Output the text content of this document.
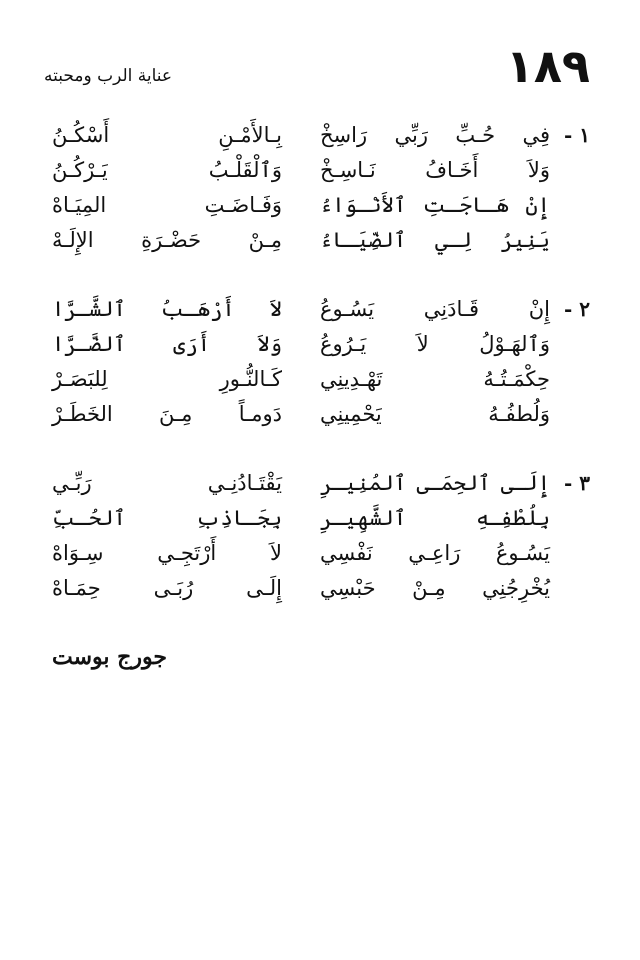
١٨٩
عناية الرب ومحبته
١ -
فِي حُـبِّ رَبِّي رَاسِخْ
بِـالأَمْـنِ أَسْكُـنُ
وَلاَ أَخَـافُ نَـاسِـخْ
وَٱلْقَلْـبُ يَـرْكُـنُ
إِنْ هَـاجَـتِ ٱلأَنْـوَاءُ
وَفَـاضَـتِ المِيَـاهْ
يَنِيرُ لِـي ٱلضِّيَـاءُ
مِـنْ حَضْـرَةِ الإِلَـهْ
٢ -
إِنْ قَـادَنِي يَسُـوعُ
لاَ أَرْهَـبُ ٱلشَّـرَّا
وَٱلهَـوْلُ لاَ يَـرُوعُ
وَلاَ أَرَى ٱلضَّـرَّا
حِكْمَـتُـهُ تَهْـدِينِي
كَـالنُّـورِ لِلبَصَـرْ
وَلُطفُـهُ يَحْمِينِي
دَومـاً مِـنَ الخَطَـرْ
٣ -
إِلَـى ٱلحِمَـى ٱلمُنِيـرِ
يَقْتَـادُنِـي رَبِّـي
بِلُطْفِـهِ ٱلشَّهِيـرِ
بِجَـاذِبِ ٱلحُـبِّ
يَسُـوعُ رَاعِـي نَفْسِي
لاَ أَرْتَجِـي سِـوَاهْ
يُخْرِجُنِي مِـنْ حَبْسِي
إِلَـى رُبَـى حِمَـاهْ
جورج بوست
